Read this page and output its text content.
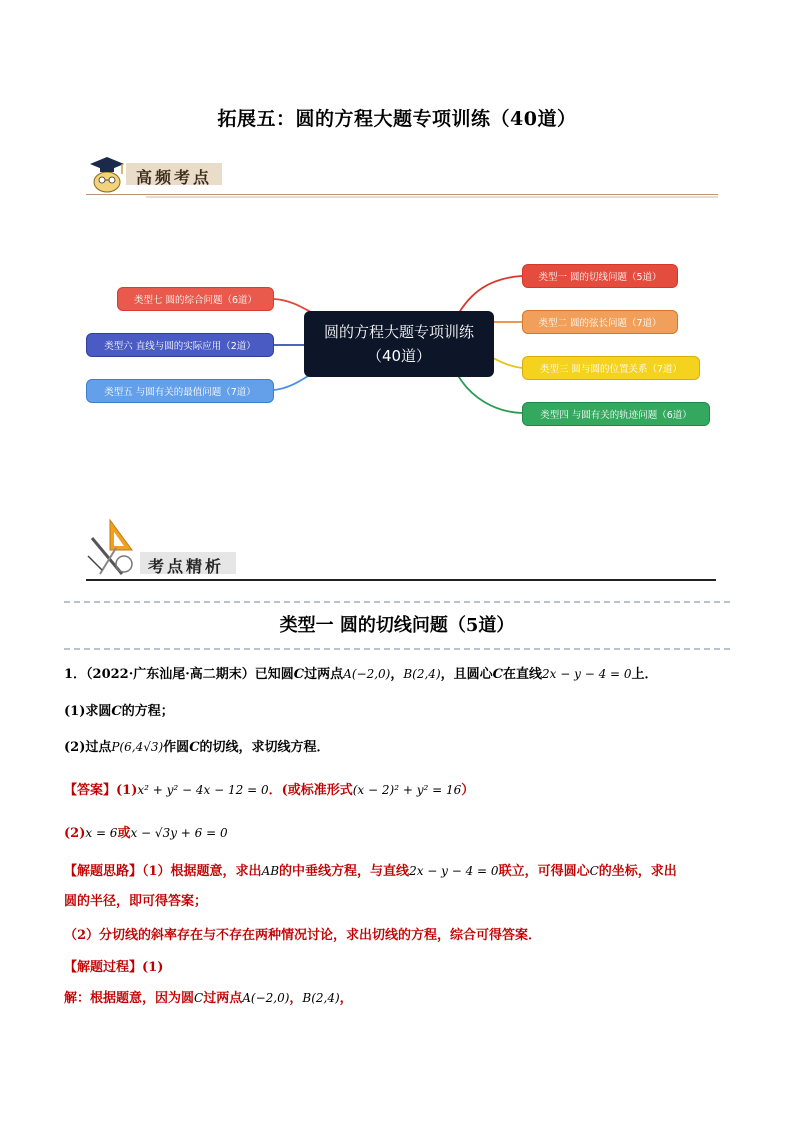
拓展五：圆的方程大题专项训练（40道）
高频考点
圆的方程大题专项训练（40道）
类型一 圆的切线问题（5道）
类型二 圆的弦长问题（7道）
类型三 圆与圆的位置关系（7道）
类型四 与圆有关的轨迹问题（6道）
类型七 圆的综合问题（6道）
类型六 直线与圆的实际应用（2道）
类型五 与圆有关的最值问题（7道）
考点精析
类型一 圆的切线问题（5道）
1．（2022·广东汕尾·高二期末）已知圆C过两点A(−2,0)，B(2,4)，且圆心C在直线2x − y − 4 = 0上．
(1)求圆C的方程；
(2)过点P(6,4√3)作圆C的切线，求切线方程．
【答案】(1)x² + y² − 4x − 12 = 0．(或标准形式(x − 2)² + y² = 16）
(2)x = 6或x − √3y + 6 = 0
【解题思路】（1）根据题意，求出AB的中垂线方程，与直线2x − y − 4 = 0联立，可得圆心C的坐标，求出
圆的半径，即可得答案；
（2）分切线的斜率存在与不存在两种情况讨论，求出切线的方程，综合可得答案．
【解题过程】(1)
解：根据题意，因为圆C过两点A(−2,0)，B(2,4)，
